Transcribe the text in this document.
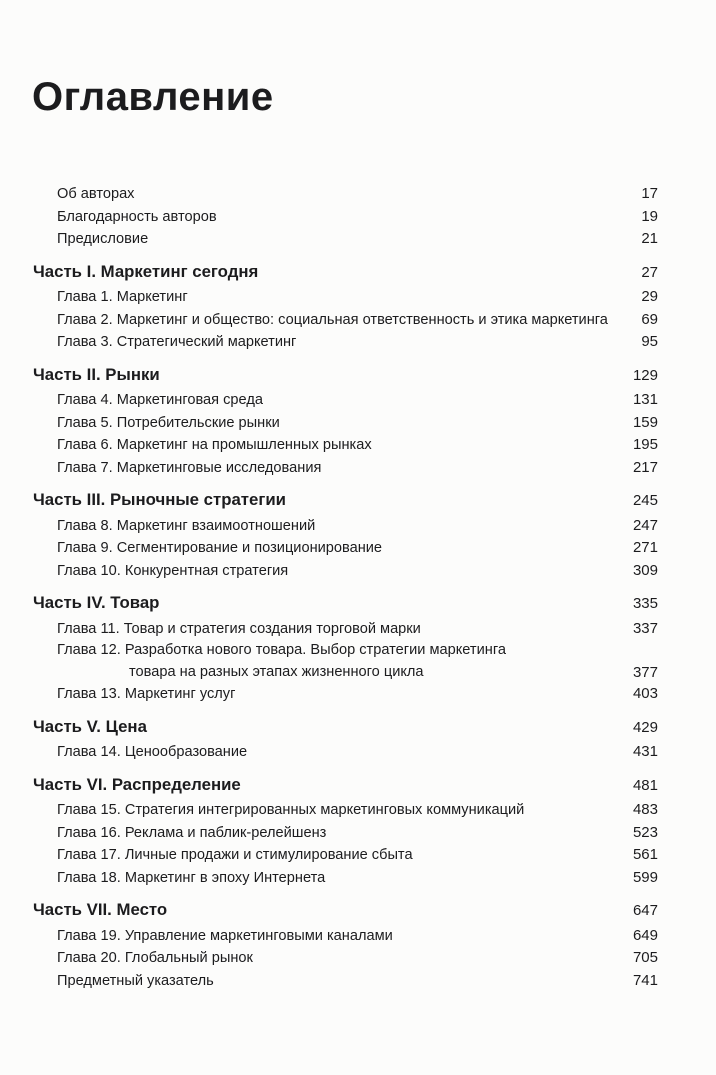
Оглавление
Об авторах	17
Благодарность авторов	19
Предисловие	21
Часть I. Маркетинг сегодня	27
Глава 1. Маркетинг	29
Глава 2. Маркетинг и общество: социальная ответственность и этика маркетинга 69
Глава 3. Стратегический маркетинг	95
Часть II. Рынки	129
Глава 4. Маркетинговая среда	131
Глава 5. Потребительские рынки	159
Глава 6. Маркетинг на промышленных рынках	195
Глава 7. Маркетинговые исследования	217
Часть III. Рыночные стратегии	245
Глава 8. Маркетинг взаимоотношений	247
Глава 9. Сегментирование и позиционирование	271
Глава 10. Конкурентная стратегия	309
Часть IV. Товар	335
Глава 11. Товар и стратегия создания торговой марки	337
Глава 12. Разработка нового товара. Выбор стратегии маркетинга
товара на разных этапах жизненного цикла	377
Глава 13. Маркетинг услуг	403
Часть V. Цена	429
Глава 14. Ценообразование	431
Часть VI. Распределение	481
Глава 15. Стратегия интегрированных маркетинговых коммуникаций	483
Глава 16. Реклама и паблик-релейшенз	523
Глава 17. Личные продажи и стимулирование сбыта	561
Глава 18. Маркетинг в эпоху Интернета	599
Часть VII. Место	647
Глава 19. Управление маркетинговыми каналами	649
Глава 20. Глобальный рынок	705
Предметный указатель	741
